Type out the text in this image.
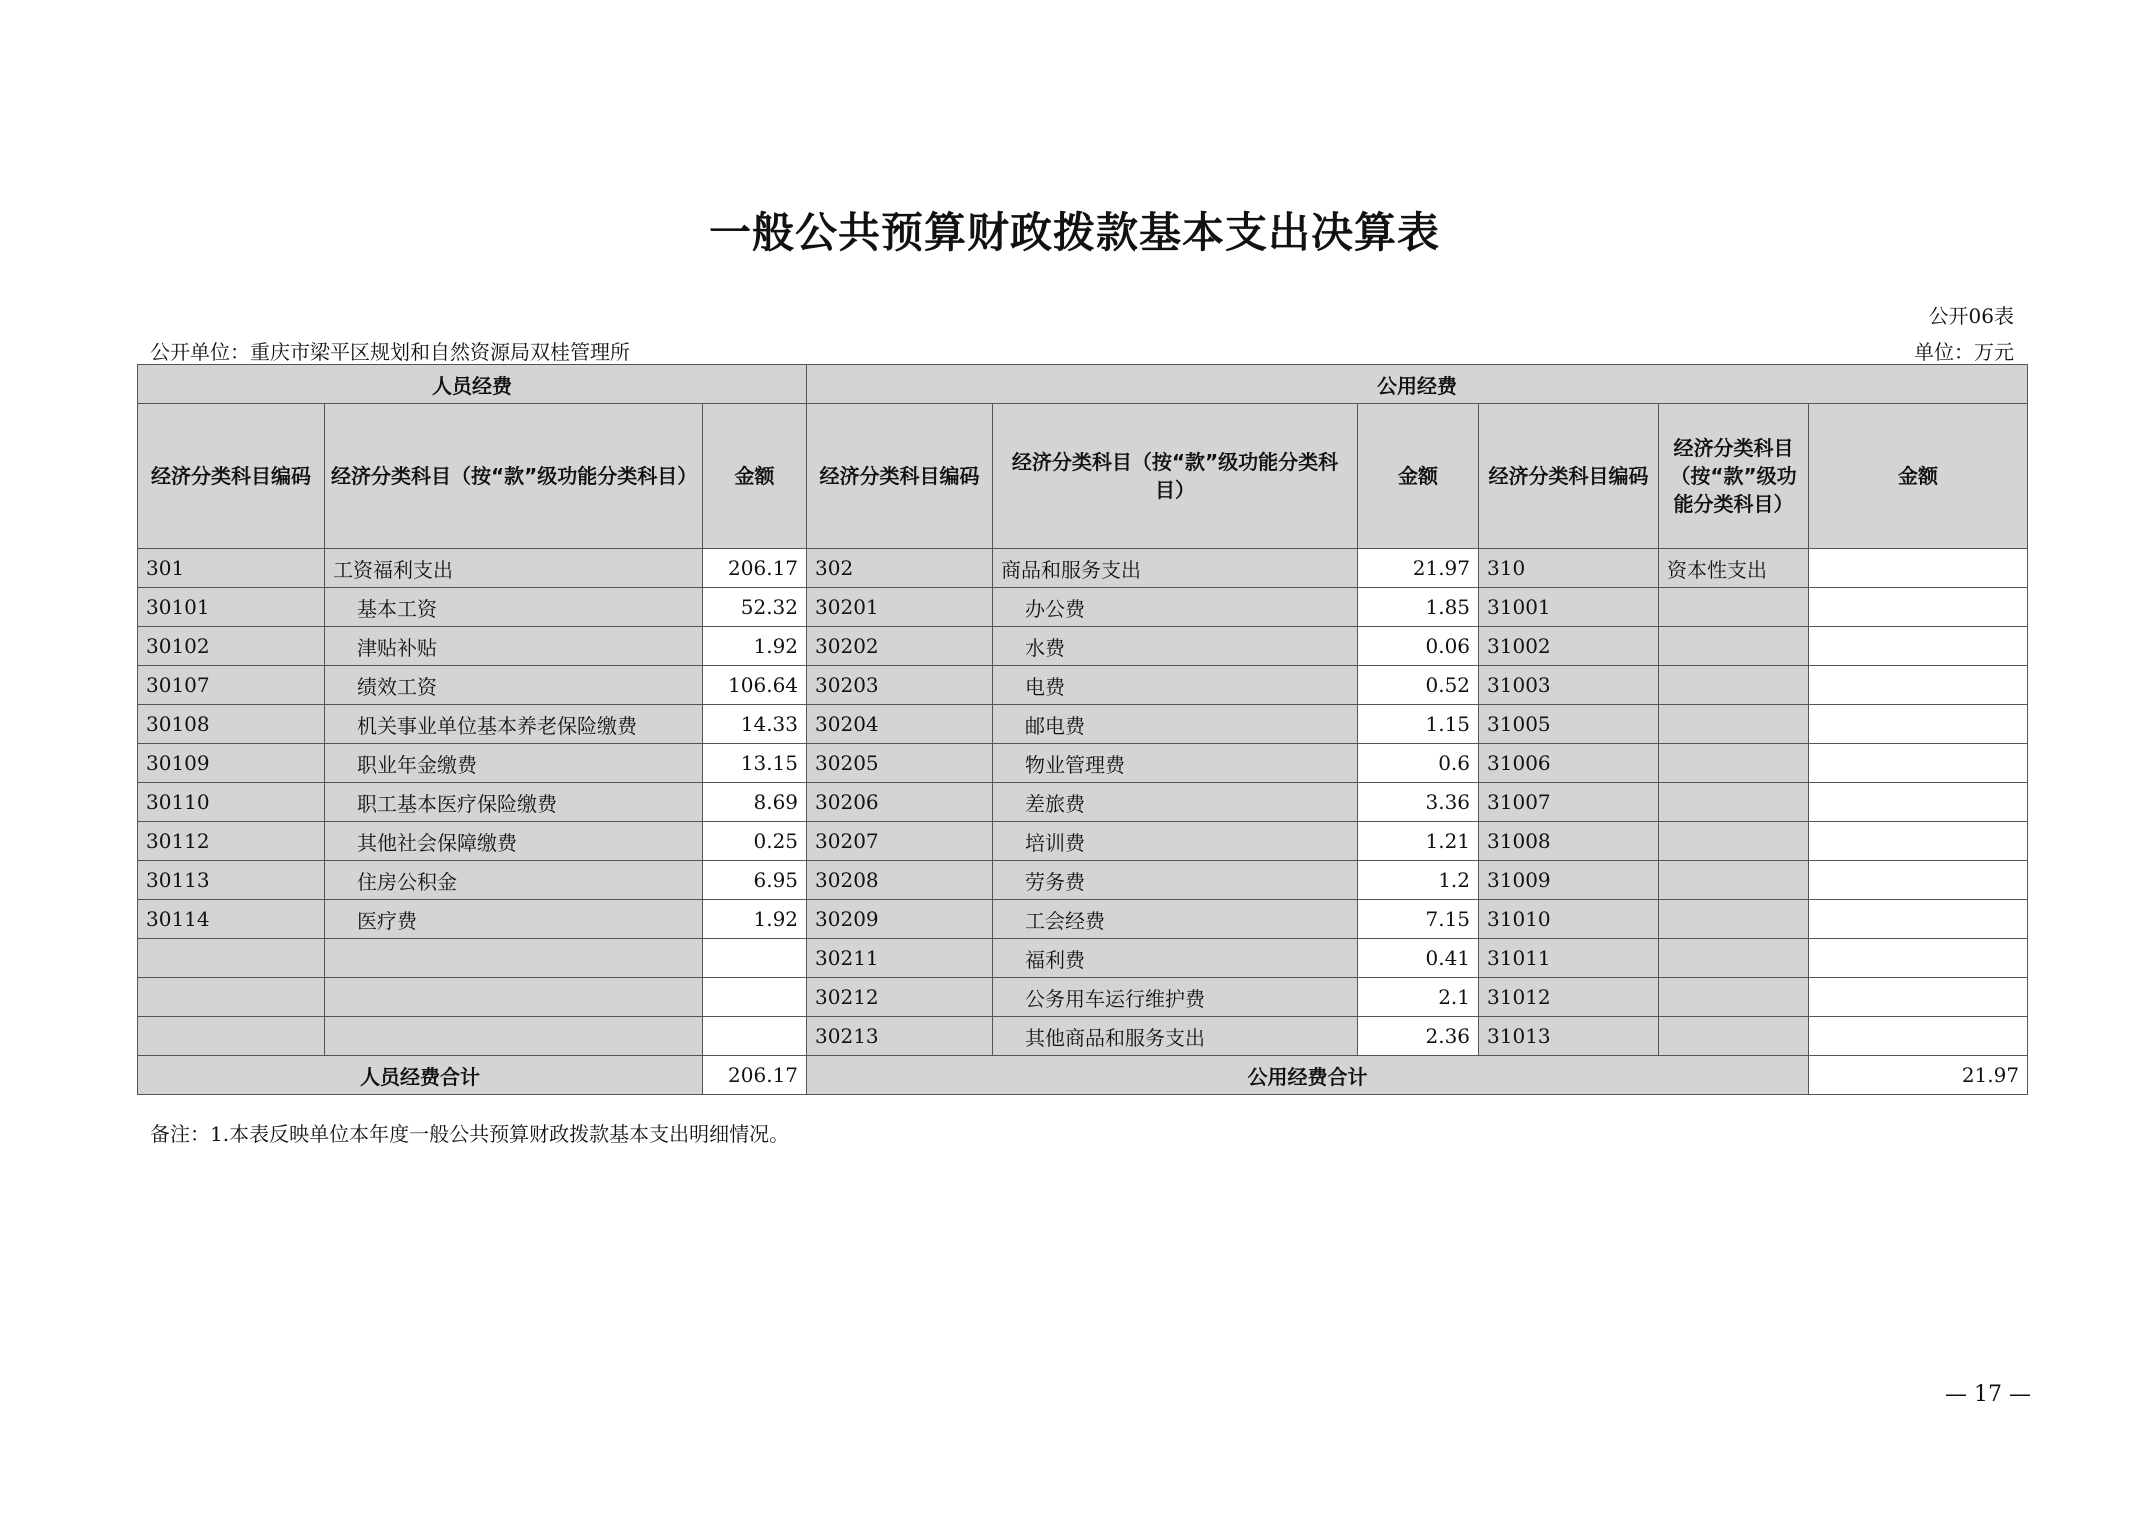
一般公共预算财政拨款基本支出决算表
公开06表
公开单位：重庆市梁平区规划和自然资源局双桂管理所	单位：万元
人员经费			公用经费					
经济分类科目编码	经济分类科目（按“款”级功能分类科目）	金额	经济分类科目编码	经济分类科目（按“款”级功能分类科目）	金额	经济分类科目编码	经济分类科目（按“款”级功能分类科目）	金额
301	工资福利支出	206.17	302	商品和服务支出	21.97	310	资本性支出	
30101	基本工资	52.32	30201	办公费	1.85	31001		
30102	津贴补贴	1.92	30202	水费	0.06	31002		
30107	绩效工资	106.64	30203	电费	0.52	31003		
30108	机关事业单位基本养老保险缴费	14.33	30204	邮电费	1.15	31005		
30109	职业年金缴费	13.15	30205	物业管理费	0.6	31006		
30110	职工基本医疗保险缴费	8.69	30206	差旅费	3.36	31007		
30112	其他社会保障缴费	0.25	30207	培训费	1.21	31008		
30113	住房公积金	6.95	30208	劳务费	1.2	31009		
30114	医疗费	1.92	30209	工会经费	7.15	31010		
			30211	福利费	0.41	31011		
			30212	公务用车运行维护费	2.1	31012		
			30213	其他商品和服务支出	2.36	31013		
人员经费合计		206.17	公用经费合计					21.97
备注：1.本表反映单位本年度一般公共预算财政拨款基本支出明细情况。
— 17 —
